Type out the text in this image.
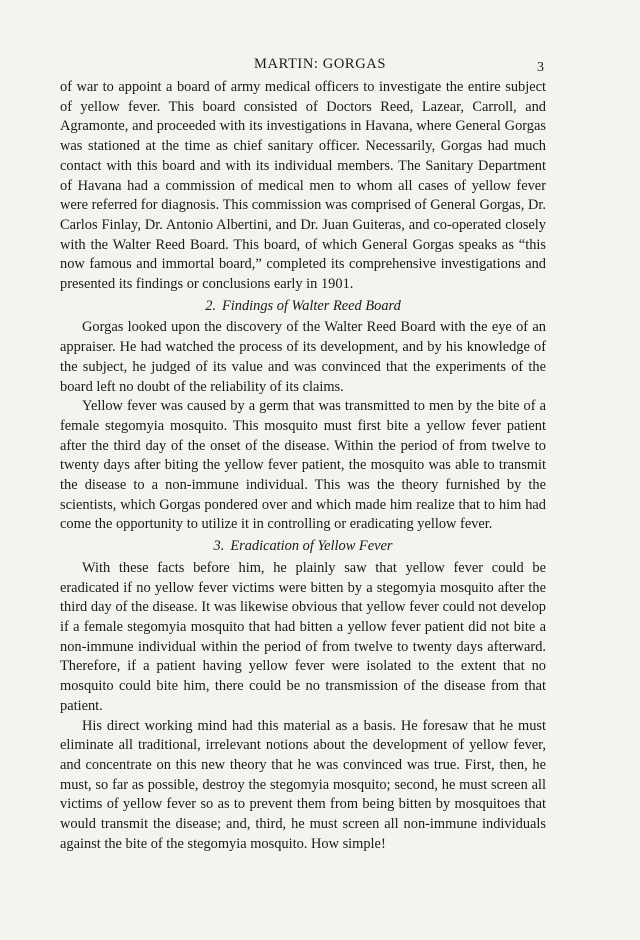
MARTIN: GORGAS	3

of war to appoint a board of army medical officers to investigate the entire subject of yellow fever. This board consisted of Doctors Reed, Lazear, Carroll, and Agramonte, and proceeded with its investigations in Havana, where General Gorgas was stationed at the time as chief sanitary officer. Necessarily, Gorgas had much contact with this board and with its individual members. The Sanitary Department of Havana had a commission of medical men to whom all cases of yellow fever were referred for diagnosis. This commission was comprised of General Gorgas, Dr. Carlos Finlay, Dr. Antonio Albertini, and Dr. Juan Guiteras, and co-operated closely with the Walter Reed Board. This board, of which General Gorgas speaks as “this now famous and immortal board,” completed its comprehensive investigations and presented its findings or conclusions early in 1901.

2. Findings of Walter Reed Board

Gorgas looked upon the discovery of the Walter Reed Board with the eye of an appraiser. He had watched the process of its development, and by his knowledge of the subject, he judged of its value and was convinced that the experiments of the board left no doubt of the reliability of its claims.

Yellow fever was caused by a germ that was transmitted to men by the bite of a female stegomyia mosquito. This mosquito must first bite a yellow fever patient after the third day of the onset of the disease. Within the period of from twelve to twenty days after biting the yellow fever patient, the mosquito was able to transmit the disease to a non-immune individual. This was the theory furnished by the scientists, which Gorgas pondered over and which made him realize that to him had come the opportunity to utilize it in controlling or eradicating yellow fever.

3. Eradication of Yellow Fever

With these facts before him, he plainly saw that yellow fever could be eradicated if no yellow fever victims were bitten by a stegomyia mosquito after the third day of the disease. It was likewise obvious that yellow fever could not develop if a female stegomyia mosquito that had bitten a yellow fever patient did not bite a non-immune individual within the period of from twelve to twenty days afterward. Therefore, if a patient having yellow fever were isolated to the extent that no mosquito could bite him, there could be no transmission of the disease from that patient.

His direct working mind had this material as a basis. He foresaw that he must eliminate all traditional, irrelevant notions about the development of yellow fever, and concentrate on this new theory that he was convinced was true. First, then, he must, so far as possible, destroy the stegomyia mosquito; second, he must screen all victims of yellow fever so as to prevent them from being bitten by mosquitoes that would transmit the disease; and, third, he must screen all non-immune individuals against the bite of the stegomyia mosquito. How simple!
